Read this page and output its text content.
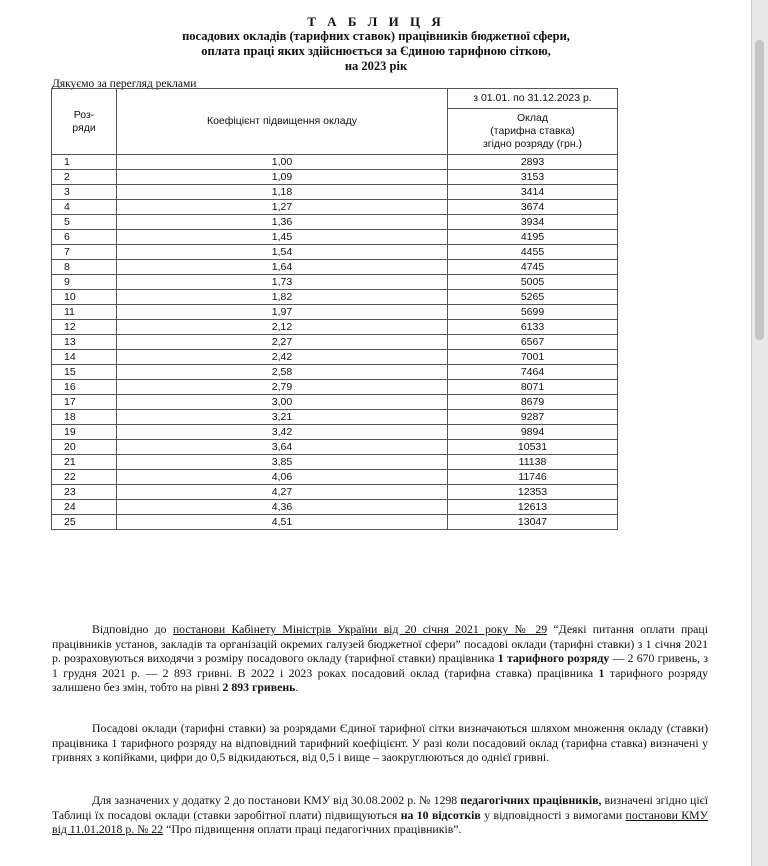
Т А Б Л И Ц Я
посадових окладів (тарифних ставок) працівників бюджетної сфери,
оплата праці яких здійснюється за Єдиною тарифною сіткою,
на 2023 рік
Дякуємо за перегляд реклами
Роз-
ряди	Коефіцієнт підвищення окладу	з 01.01. по 31.12.2023 р.
		Оклад
(тарифна ставка)
згідно розряду (грн.)
1	1,00	2893
2	1,09	3153
3	1,18	3414
4	1,27	3674
5	1,36	3934
6	1,45	4195
7	1,54	4455
8	1,64	4745
9	1,73	5005
10	1,82	5265
11	1,97	5699
12	2,12	6133
13	2,27	6567
14	2,42	7001
15	2,58	7464
16	2,79	8071
17	3,00	8679
18	3,21	9287
19	3,42	9894
20	3,64	10531
21	3,85	11138
22	4,06	11746
23	4,27	12353
24	4,36	12613
25	4,51	13047
Відповідно до постанови Кабінету Міністрів України від 20 січня 2021 року № 29 “Деякі питання оплати праці працівників установ, закладів та організацій окремих галузей бюджетної сфери” посадові оклади (тарифні ставки) з 1 січня 2021 р. розраховуються виходячи з розміру посадового окладу (тарифної ставки) працівника 1 тарифного розряду — 2 670 гривень, з 1 грудня 2021 р. — 2 893 гривні. В 2022 і 2023 роках посадовий оклад (тарифна ставка) працівника 1 тарифного розряду залишено без змін, тобто на рівні 2 893 гривень.
Посадові оклади (тарифні ставки) за розрядами Єдиної тарифної сітки визначаються шляхом множення окладу (ставки) працівника 1 тарифного розряду на відповідний тарифний коефіцієнт. У разі коли посадовий оклад (тарифна ставка) визначені у гривнях з копійками, цифри до 0,5 відкидаються, від 0,5 і вище – заокруглюються до однієї гривні.
Для зазначених у додатку 2 до постанови КМУ від 30.08.2002 р. № 1298 педагогічних працівників, визначені згідно цієї Таблиці їх посадові оклади (ставки заробітної плати) підвищуються на 10 відсотків у відповідності з вимогами постанови КМУ від 11.01.2018 р. № 22 “Про підвищення оплати праці педагогічних працівників”.
